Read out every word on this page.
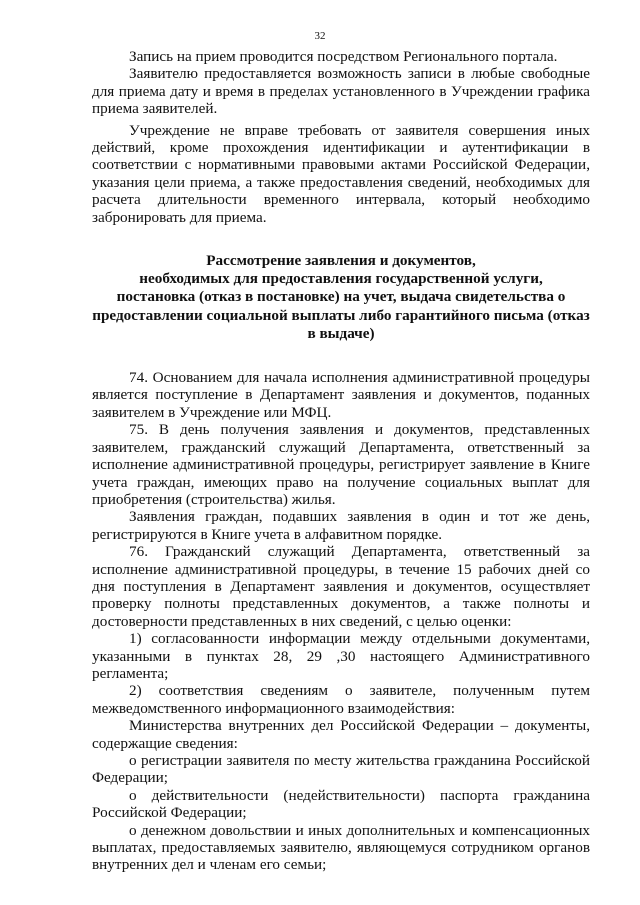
32

Запись на прием проводится посредством Регионального портала.

Заявителю предоставляется возможность записи в любые свободные для приема дату и время в пределах установленного в Учреждении графика приема заявителей.

Учреждение не вправе требовать от заявителя совершения иных действий, кроме прохождения идентификации и аутентификации в соответствии с нормативными правовыми актами Российской Федерации, указания цели приема, а также предоставления сведений, необходимых для расчета длительности временного интервала, который необходимо забронировать для приема.

Рассмотрение заявления и документов,
необходимых для предоставления государственной услуги,
постановка (отказ в постановке) на учет, выдача свидетельства о
предоставлении социальной выплаты либо гарантийного письма (отказ
в выдаче)

74. Основанием для начала исполнения административной процедуры является поступление в Департамент заявления и документов, поданных заявителем в Учреждение или МФЦ.

75. В день получения заявления и документов, представленных заявителем, гражданский служащий Департамента, ответственный за исполнение административной процедуры, регистрирует заявление в Книге учета граждан, имеющих право на получение социальных выплат для приобретения (строительства) жилья.

Заявления граждан, подавших заявления в один и тот же день, регистрируются в Книге учета в алфавитном порядке.

76. Гражданский служащий Департамента, ответственный за исполнение административной процедуры, в течение 15 рабочих дней со дня поступления в Департамент заявления и документов, осуществляет проверку полноты представленных документов, а также полноты и достоверности представленных в них сведений, с целью оценки:

1) согласованности информации между отдельными документами, указанными в пунктах 28, 29 ,30 настоящего Административного регламента;

2) соответствия сведениям о заявителе, полученным путем межведомственного информационного взаимодействия:

Министерства внутренних дел Российской Федерации – документы, содержащие сведения:

о регистрации заявителя по месту жительства гражданина Российской Федерации;

о действительности (недействительности) паспорта гражданина Российской Федерации;

о денежном довольствии и иных дополнительных и компенсационных выплатах, предоставляемых заявителю, являющемуся сотрудником органов внутренних дел и членам его семьи;
